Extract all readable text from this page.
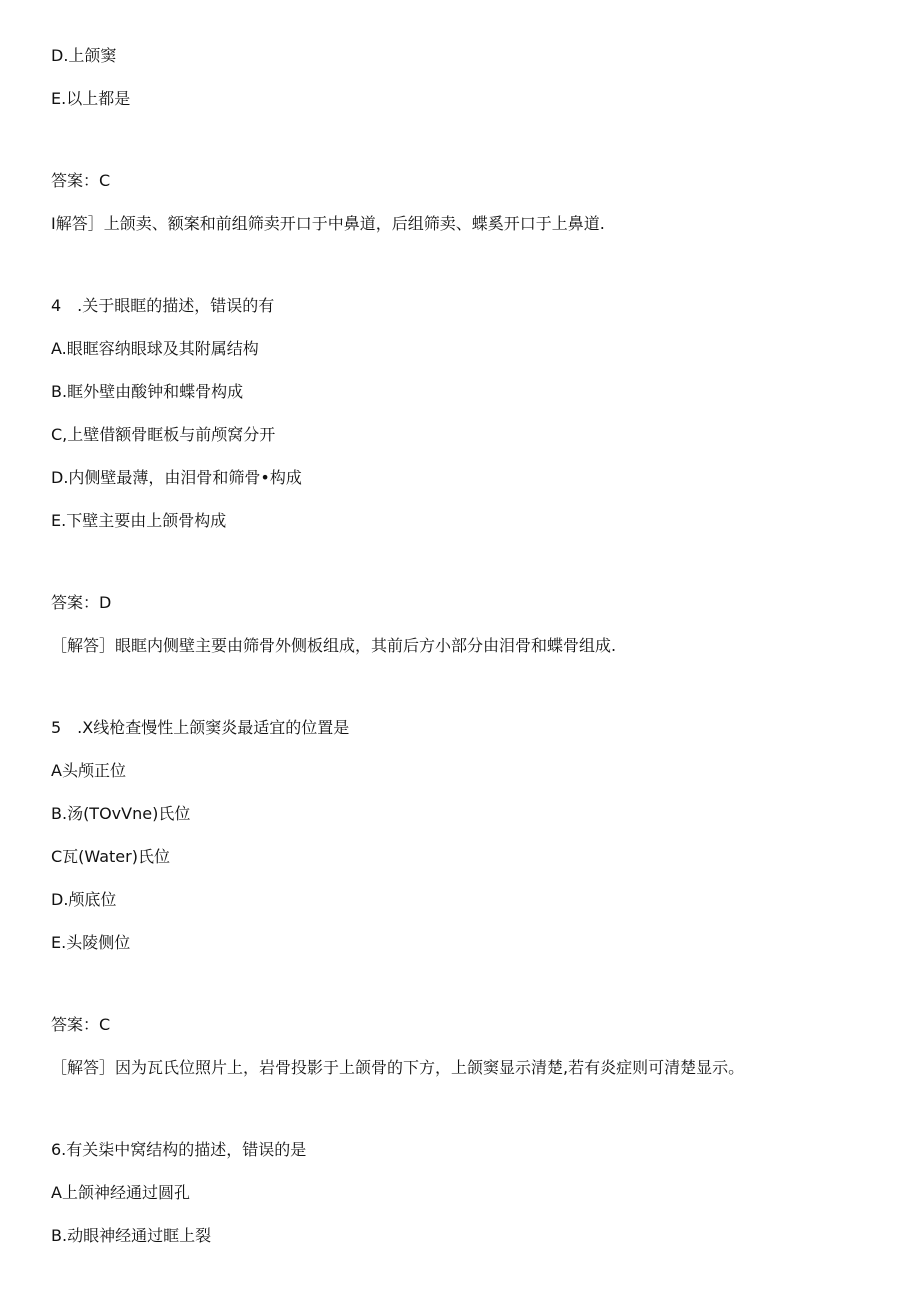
D.上颌窦
E.以上都是
答案：C
I解答］上颌卖、额案和前组筛卖开口于中鼻道，后组筛卖、蝶奚开口于上鼻道.
4　.关于眼眶的描述，错误的有
A.眼眶容纳眼球及其附属结构
B.眶外壁由酸钟和蝶骨构成
C,上壁借额骨眶板与前颅窝分开
D.内侧壁最薄，由泪骨和筛骨•构成
E.下壁主要由上颌骨构成
答案：D
［解答］眼眶内侧壁主要由筛骨外侧板组成，其前后方小部分由泪骨和蝶骨组成.
5　.X线枪查慢性上颌窦炎最适宜的位置是
A头颅正位
B.汤(TOvVne)氏位
C瓦(Water)氏位
D.颅底位
E.头陵侧位
答案：C
［解答］因为瓦氏位照片上，岩骨投影于上颌骨的下方，上颌窦显示清楚,若有炎症则可清楚显示。
6.有关柒中窝结构的描述，错误的是
A上颌神经通过圆孔
B.动眼神经通过眶上裂
